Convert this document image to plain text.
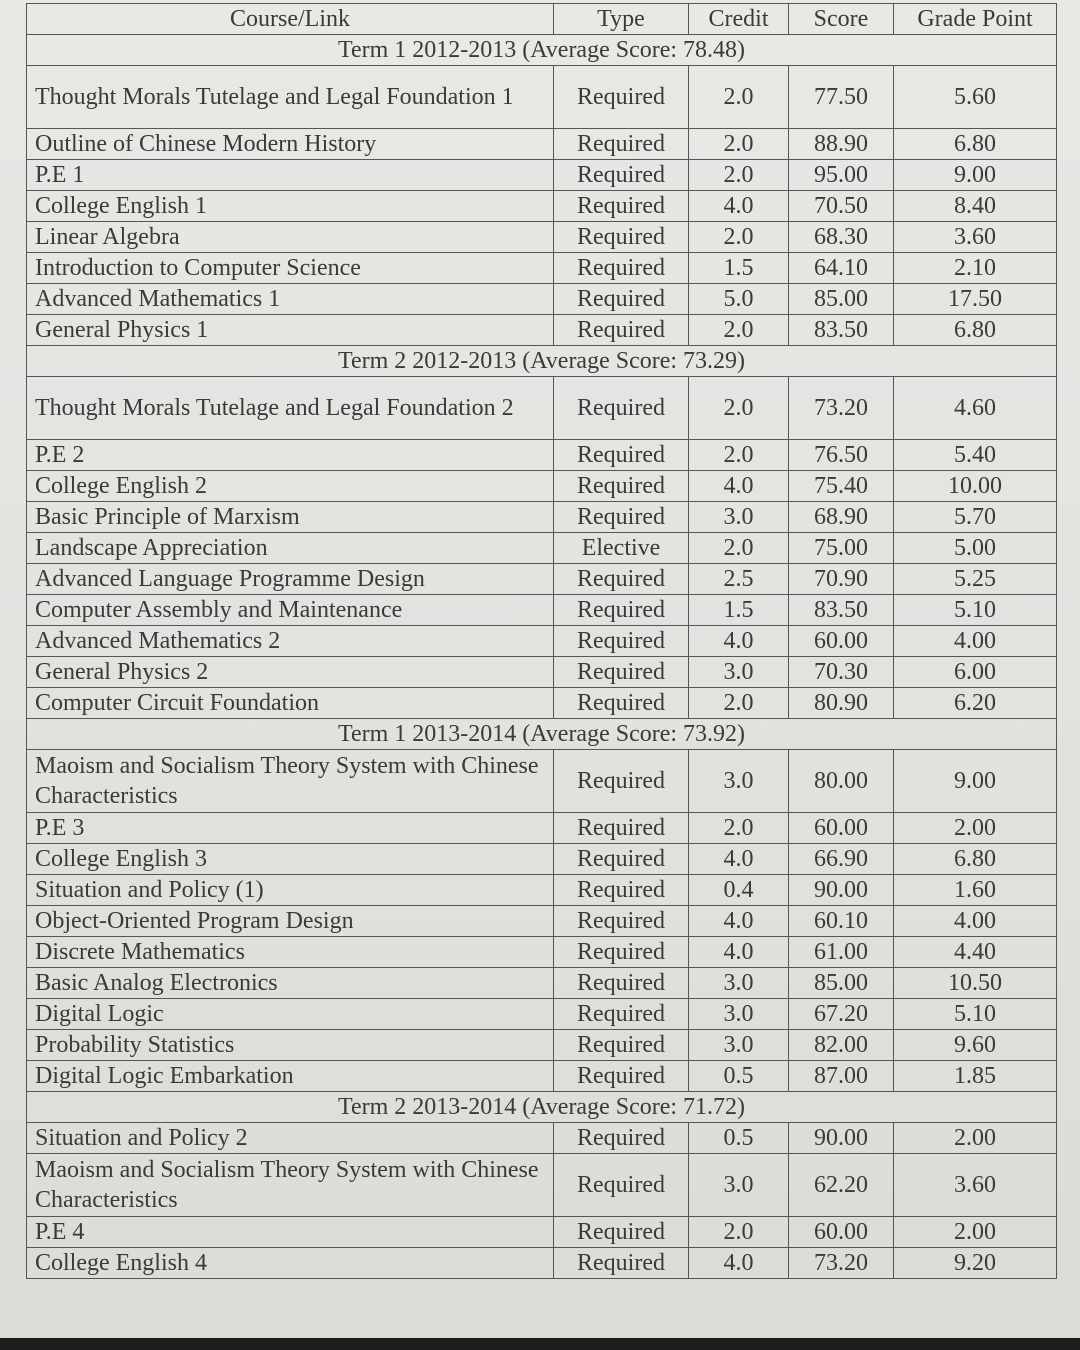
Course/Link	Type	Credit	Score	Grade Point
Term 1 2012-2013 (Average Score: 78.48)				
Thought Morals Tutelage and Legal Foundation 1	Required	2.0	77.50	5.60
Outline of Chinese Modern History	Required	2.0	88.90	6.80
P.E 1	Required	2.0	95.00	9.00
College English 1	Required	4.0	70.50	8.40
Linear Algebra	Required	2.0	68.30	3.60
Introduction to Computer Science	Required	1.5	64.10	2.10
Advanced Mathematics 1	Required	5.0	85.00	17.50
General Physics 1	Required	2.0	83.50	6.80
Term 2 2012-2013 (Average Score: 73.29)				
Thought Morals Tutelage and Legal Foundation 2	Required	2.0	73.20	4.60
P.E 2	Required	2.0	76.50	5.40
College English 2	Required	4.0	75.40	10.00
Basic Principle of Marxism	Required	3.0	68.90	5.70
Landscape Appreciation	Elective	2.0	75.00	5.00
Advanced Language Programme Design	Required	2.5	70.90	5.25
Computer Assembly and Maintenance	Required	1.5	83.50	5.10
Advanced Mathematics 2	Required	4.0	60.00	4.00
General Physics 2	Required	3.0	70.30	6.00
Computer Circuit Foundation	Required	2.0	80.90	6.20
Term 1 2013-2014 (Average Score: 73.92)				
Maoism and Socialism Theory System with Chinese Characteristics	Required	3.0	80.00	9.00
P.E 3	Required	2.0	60.00	2.00
College English 3	Required	4.0	66.90	6.80
Situation and Policy (1)	Required	0.4	90.00	1.60
Object-Oriented Program Design	Required	4.0	60.10	4.00
Discrete Mathematics	Required	4.0	61.00	4.40
Basic Analog Electronics	Required	3.0	85.00	10.50
Digital Logic	Required	3.0	67.20	5.10
Probability Statistics	Required	3.0	82.00	9.60
Digital Logic Embarkation	Required	0.5	87.00	1.85
Term 2 2013-2014 (Average Score: 71.72)				
Situation and Policy 2	Required	0.5	90.00	2.00
Maoism and Socialism Theory System with Chinese Characteristics	Required	3.0	62.20	3.60
P.E 4	Required	2.0	60.00	2.00
College English 4	Required	4.0	73.20	9.20
